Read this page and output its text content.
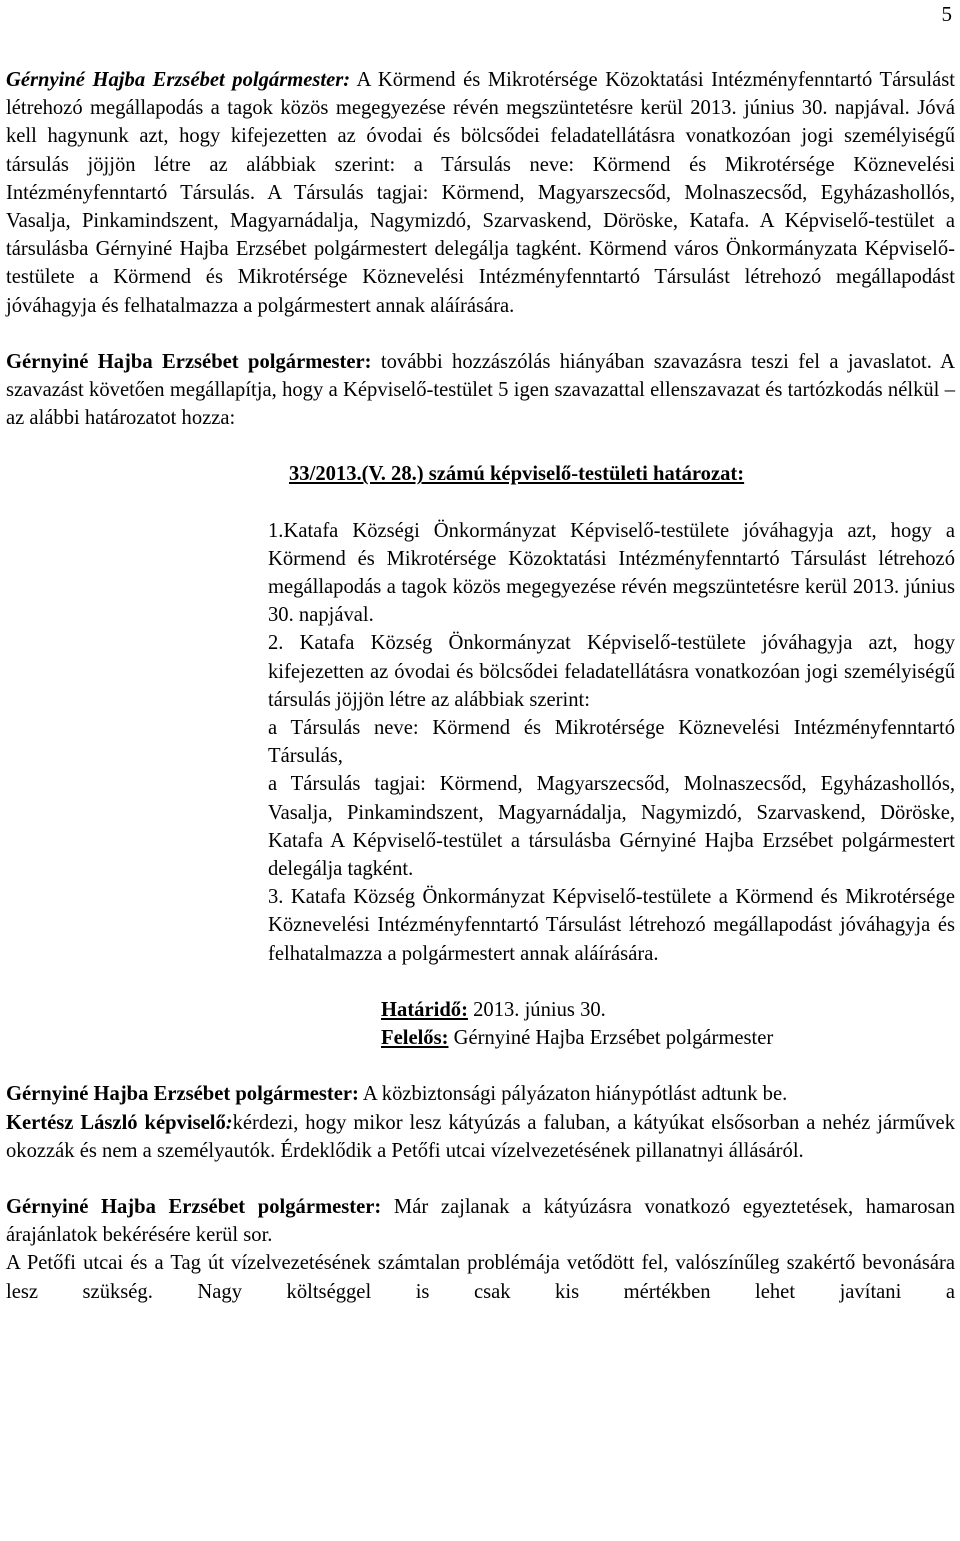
5

Gérnyiné Hajba Erzsébet polgármester: A Körmend és Mikrotérsége Közoktatási Intézményfenntartó Társulást létrehozó megállapodás a tagok közös megegyezése révén megszüntetésre kerül 2013. június 30. napjával. Jóvá kell hagynunk azt, hogy kifejezetten az óvodai és bölcsődei feladatellátásra vonatkozóan jogi személyiségű társulás jöjjön létre az alábbiak szerint: a Társulás neve: Körmend és Mikrotérsége Köznevelési Intézményfenntartó Társulás. A Társulás tagjai: Körmend, Magyarszecsőd, Molnaszecsőd, Egyházashollós, Vasalja, Pinkamindszent, Magyarnádalja, Nagymizdó, Szarvaskend, Döröske, Katafa. A Képviselő-testület a társulásba Gérnyiné Hajba Erzsébet polgármestert delegálja tagként. Körmend város Önkormányzata Képviselő-testülete a Körmend és Mikrotérsége Köznevelési Intézményfenntartó Társulást létrehozó megállapodást jóváhagyja és felhatalmazza a polgármestert annak aláírására.

Gérnyiné Hajba Erzsébet polgármester: további hozzászólás hiányában szavazásra teszi fel a javaslatot. A szavazást követően megállapítja, hogy a Képviselő-testület 5 igen szavazattal ellenszavazat és tartózkodás nélkül – az alábbi határozatot hozza:

33/2013.(V. 28.) számú képviselő-testületi határozat:

1.Katafa Községi Önkormányzat Képviselő-testülete jóváhagyja azt, hogy a Körmend és Mikrotérsége Közoktatási Intézményfenntartó Társulást létrehozó megállapodás a tagok közös megegyezése révén megszüntetésre kerül 2013. június 30. napjával.

2. Katafa Község Önkormányzat Képviselő-testülete jóváhagyja azt, hogy kifejezetten az óvodai és bölcsődei feladatellátásra vonatkozóan jogi személyiségű társulás jöjjön létre az alábbiak szerint:

a Társulás neve: Körmend és Mikrotérsége Köznevelési Intézményfenntartó Társulás,

a Társulás tagjai: Körmend, Magyarszecsőd, Molnaszecsőd, Egyházashollós, Vasalja, Pinkamindszent, Magyarnádalja, Nagymizdó, Szarvaskend, Döröske, Katafa A Képviselő-testület a társulásba Gérnyiné Hajba Erzsébet polgármestert delegálja tagként.

3. Katafa Község Önkormányzat Képviselő-testülete a Körmend és Mikrotérsége Köznevelési Intézményfenntartó Társulást létrehozó megállapodást jóváhagyja és felhatalmazza a polgármestert annak aláírására.

Határidő: 2013. június 30.

Felelős: Gérnyiné Hajba Erzsébet polgármester

Gérnyiné Hajba Erzsébet polgármester: A közbiztonsági pályázaton hiánypótlást adtunk be.

Kertész László képviselő:kérdezi, hogy mikor lesz kátyúzás a faluban, a kátyúkat elsősorban a nehéz járművek okozzák és nem a személyautók. Érdeklődik a Petőfi utcai vízelvezetésének pillanatnyi állásáról.

Gérnyiné Hajba Erzsébet polgármester: Már zajlanak a kátyúzásra vonatkozó egyeztetések, hamarosan árajánlatok bekérésére kerül sor.

A Petőfi utcai és a Tag út vízelvezetésének számtalan problémája vetődött fel, valószínűleg szakértő bevonására lesz szükség. Nagy költséggel is csak kis mértékben lehet javítani a
